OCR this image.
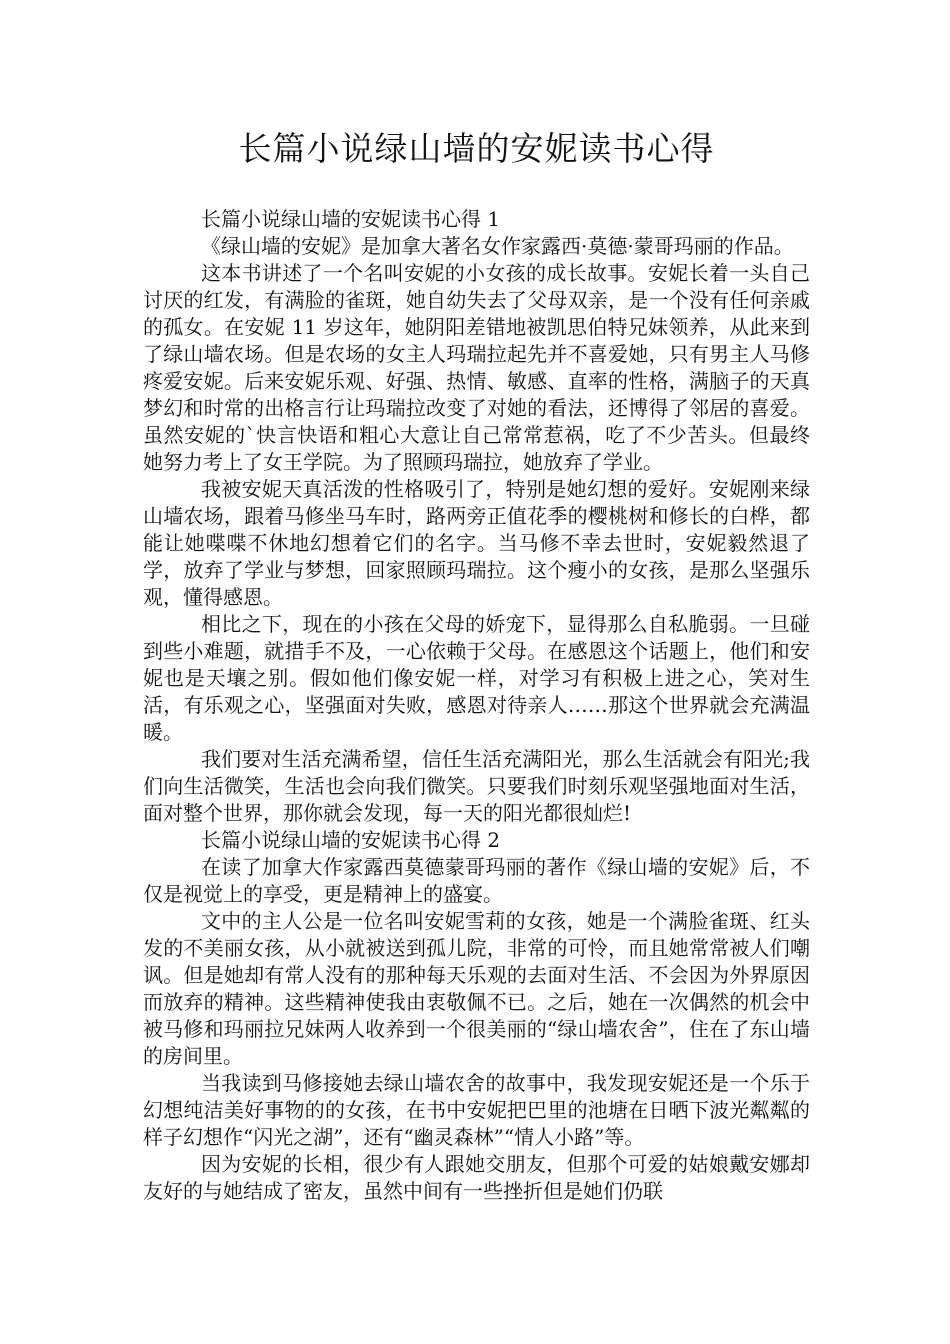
长篇小说绿山墙的安妮读书心得

长篇小说绿山墙的安妮读书心得 1

《绿山墙的安妮》是加拿大著名女作家露西·莫德·蒙哥玛丽的作品。

这本书讲述了一个名叫安妮的小女孩的成长故事。安妮长着一头自己讨厌的红发，有满脸的雀斑，她自幼失去了父母双亲，是一个没有任何亲戚的孤女。在安妮 11 岁这年，她阴阳差错地被凯思伯特兄妹领养，从此来到了绿山墙农场。但是农场的女主人玛瑞拉起先并不喜爱她，只有男主人马修疼爱安妮。后来安妮乐观、好强、热情、敏感、直率的性格，满脑子的天真梦幻和时常的出格言行让玛瑞拉改变了对她的看法，还博得了邻居的喜爱。虽然安妮的`快言快语和粗心大意让自己常常惹祸，吃了不少苦头。但最终她努力考上了女王学院。为了照顾玛瑞拉，她放弃了学业。

我被安妮天真活泼的性格吸引了，特别是她幻想的爱好。安妮刚来绿山墙农场，跟着马修坐马车时，路两旁正值花季的樱桃树和修长的白桦，都能让她喋喋不休地幻想着它们的名字。当马修不幸去世时，安妮毅然退了学，放弃了学业与梦想，回家照顾玛瑞拉。这个瘦小的女孩，是那么坚强乐观，懂得感恩。

相比之下，现在的小孩在父母的娇宠下，显得那么自私脆弱。一旦碰到些小难题，就措手不及，一心依赖于父母。在感恩这个话题上，他们和安妮也是天壤之别。假如他们像安妮一样，对学习有积极上进之心，笑对生活，有乐观之心，坚强面对失败，感恩对待亲人……那这个世界就会充满温暖。

我们要对生活充满希望，信任生活充满阳光，那么生活就会有阳光;我们向生活微笑，生活也会向我们微笑。只要我们时刻乐观坚强地面对生活，面对整个世界，那你就会发现，每一天的阳光都很灿烂!

长篇小说绿山墙的安妮读书心得 2

在读了加拿大作家露西莫德蒙哥玛丽的著作《绿山墙的安妮》后，不仅是视觉上的享受，更是精神上的盛宴。

文中的主人公是一位名叫安妮雪莉的女孩，她是一个满脸雀斑、红头发的不美丽女孩，从小就被送到孤儿院，非常的可怜，而且她常常被人们嘲讽。但是她却有常人没有的那种每天乐观的去面对生活、不会因为外界原因而放弃的精神。这些精神使我由衷敬佩不已。之后，她在一次偶然的机会中被马修和玛丽拉兄妹两人收养到一个很美丽的“绿山墙农舍”，住在了东山墙的房间里。

当我读到马修接她去绿山墙农舍的故事中，我发现安妮还是一个乐于幻想纯洁美好事物的的女孩，在书中安妮把巴里的池塘在日晒下波光粼粼的样子幻想作“闪光之湖”，还有“幽灵森林”“情人小路”等。

因为安妮的长相，很少有人跟她交朋友，但那个可爱的姑娘戴安娜却友好的与她结成了密友，虽然中间有一些挫折但是她们仍联
